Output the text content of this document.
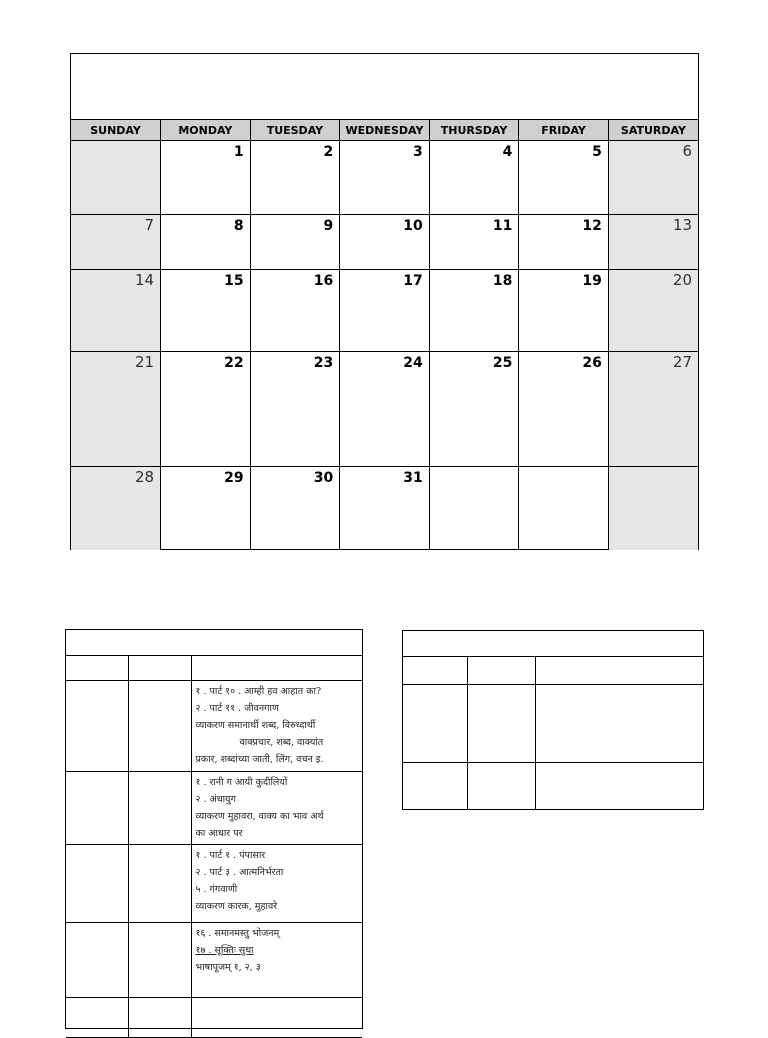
SUNDAY	MONDAY	TUESDAY	WEDNESDAY	THURSDAY	FRIDAY	SATURDAY
	1	2	3	4	5	6
7	8	9	10	11	12	13
14	15	16	17	18	19	20
21	22	23	24	25	26	27
28	29	30	31			

		१ . पार्ट १० . आम्ही हव आहात का?
२ . पार्ट ११ . जीवनगाण
व्याकरण समानार्थी शब्द, विरुध्दार्थी
वाक्प्रचार, शब्द, वाक्यांत
प्रकार, शब्दांच्या जाती, लिंग, वचन इ.

		१ . रानी ग आयी कुदीलियों
२ . अंधायुग
व्याकरण मुहावरा, वाक्य का भाव अर्थ
का आधार पर

		१ . पार्ट १ . पंपासार
२ . पार्ट ३ . आत्मनिर्भरता
५ . गंगवाणी
व्याकरण कारक, मुहावरे

		१६ . समानमस्तु भोजनम्
१७ . सूक्तिः सुधा
भाषापूजम् १, २, ३
